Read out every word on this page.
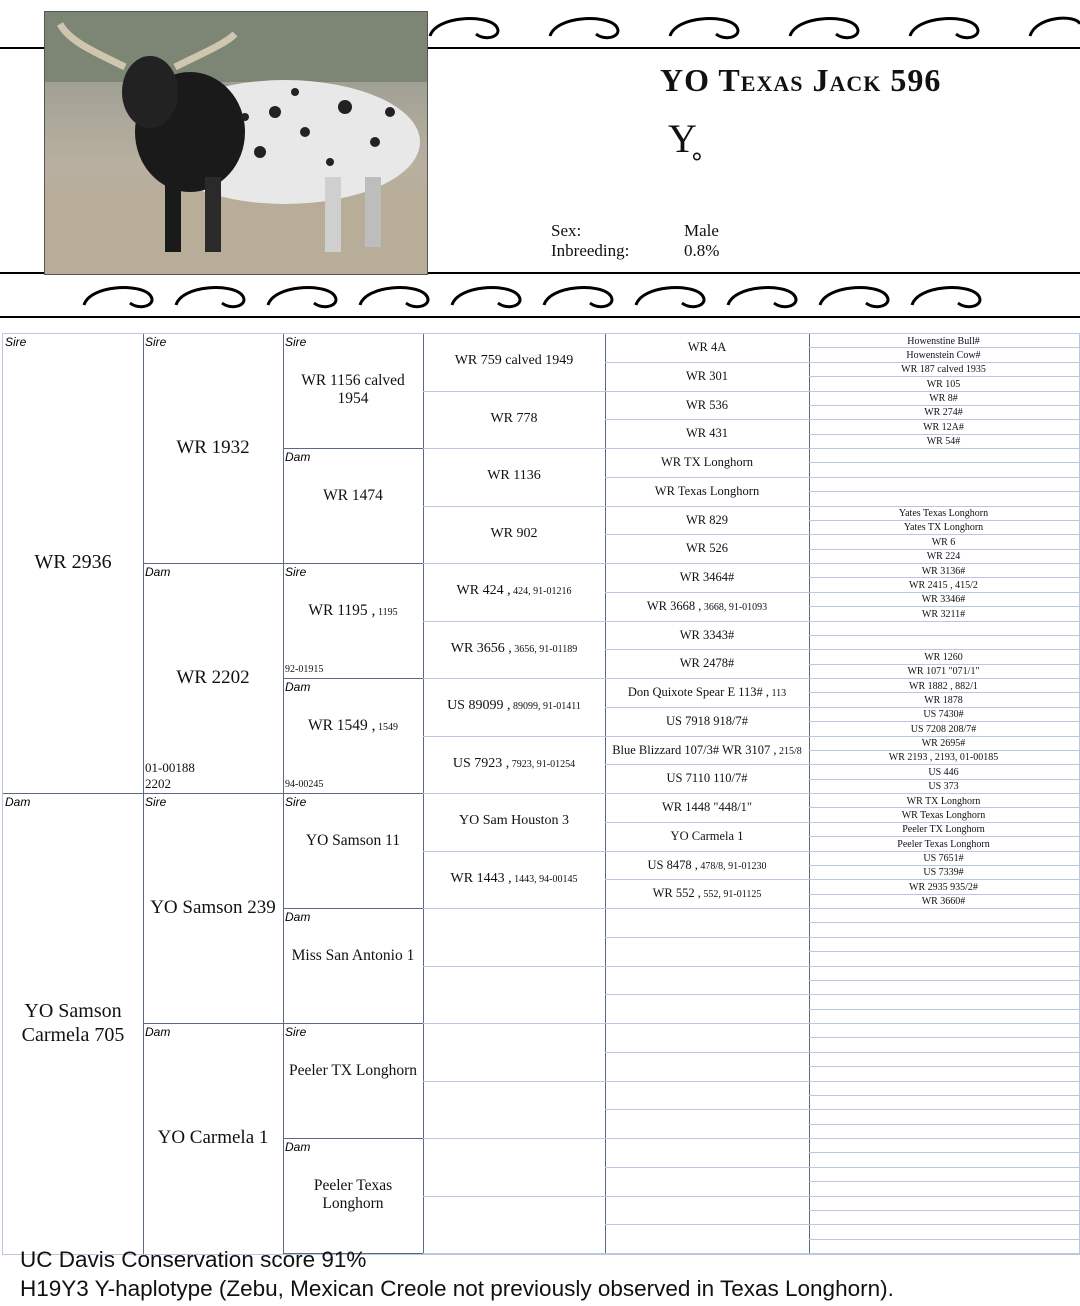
YO Texas Jack 596
Y̥
Sex:	Male
Inbreeding:	0.8%
Sire
WR 2936
Dam
YO Samson
Carmela 705
Sire
WR 1932
Dam
WR 2202
01-00188
2202
Sire
YO Samson 239
Dam
YO Carmela 1
Sire
WR 1156 calved 1954
Dam
WR 1474
Sire
WR 1195 , 1195
92-01915
Dam
WR 1549 , 1549
94-00245
Sire
YO Samson 11
Dam
Miss San Antonio 1
Sire
Peeler TX Longhorn
Dam
Peeler Texas Longhorn
WR 759 calved 1949
WR 778
WR 1136
WR 902
WR 424 , 424, 91-01216
WR 3656 , 3656, 91-01189
US 89099 , 89099, 91-01411
US 7923 , 7923, 91-01254
YO Sam Houston 3
WR 1443 , 1443, 94-00145
WR 4A
WR 301
WR 536
WR 431
WR TX Longhorn
WR Texas Longhorn
WR 829
WR 526
WR 3464#
WR 3668 , 3668, 91-01093
WR 3343#
WR 2478#
Don Quixote Spear E 113# , 113
US 7918 918/7#
Blue Blizzard 107/3# WR 3107 , 215/8
US 7110 110/7#
WR 1448 "448/1"
YO Carmela 1
US 8478 , 478/8, 91-01230
WR 552 , 552, 91-01125
Howenstine Bull#
Howenstein Cow#
WR 187 calved 1935
WR 105
WR 8#
WR 274#
WR 12A#
WR 54#
Yates Texas Longhorn
Yates TX Longhorn
WR 6
WR 224
WR 3136#
WR 2415 , 415/2
WR 3346#
WR 3211#
WR 1260
WR 1071 "071/1"
WR 1882 , 882/1
WR 1878
US 7430#
US 7208 208/7#
WR 2695#
WR 2193 , 2193, 01-00185
US 446
US 373
WR TX Longhorn
WR Texas Longhorn
Peeler TX Longhorn
Peeler Texas Longhorn
US 7651#
US 7339#
WR 2935 935/2#
WR 3660#
UC Davis Conservation score 91%
H19Y3 Y-haplotype (Zebu, Mexican Creole not previously observed in Texas Longhorn).
